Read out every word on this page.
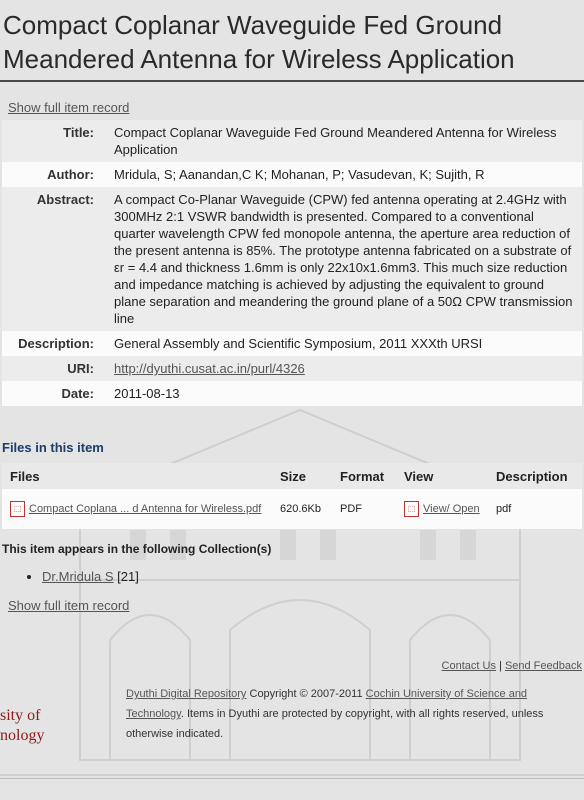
Compact Coplanar Waveguide Fed Ground Meandered Antenna for Wireless Application
Show full item record
Title:	Compact Coplanar Waveguide Fed Ground Meandered Antenna for Wireless Application
Author:	Mridula, S; Aanandan,C K; Mohanan, P; Vasudevan, K; Sujith, R
Abstract:	A compact Co-Planar Waveguide (CPW) fed antenna operating at 2.4GHz with 300MHz 2:1 VSWR bandwidth is presented. Compared to a conventional quarter wavelength CPW fed monopole antenna, the aperture area reduction of the present antenna is 85%. The prototype antenna fabricated on a substrate of εr = 4.4 and thickness 1.6mm is only 22x10x1.6mm3. This much size reduction and impedance matching is achieved by adjusting the equivalent to ground plane separation and meandering the ground plane of a 50Ω CPW transmission line
Description:	General Assembly and Scientific Symposium, 2011 XXXth URSI
URI:	http://dyuthi.cusat.ac.in/purl/4326
Date:	2011-08-13
Files in this item
Files	Size	Format	View	Description
⬚ Compact Coplana ... d Antenna for Wireless.pdf	620.6Kb	PDF	⬚ View/ Open	pdf
This item appears in the following Collection(s)
• Dr.Mridula S [21]
Show full item record
Contact Us | Send Feedback
sity of
nology
Dyuthi Digital Repository Copyright © 2007-2011 Cochin University of Science and Technology. Items in Dyuthi are protected by copyright, with all rights reserved, unless otherwise indicated.
